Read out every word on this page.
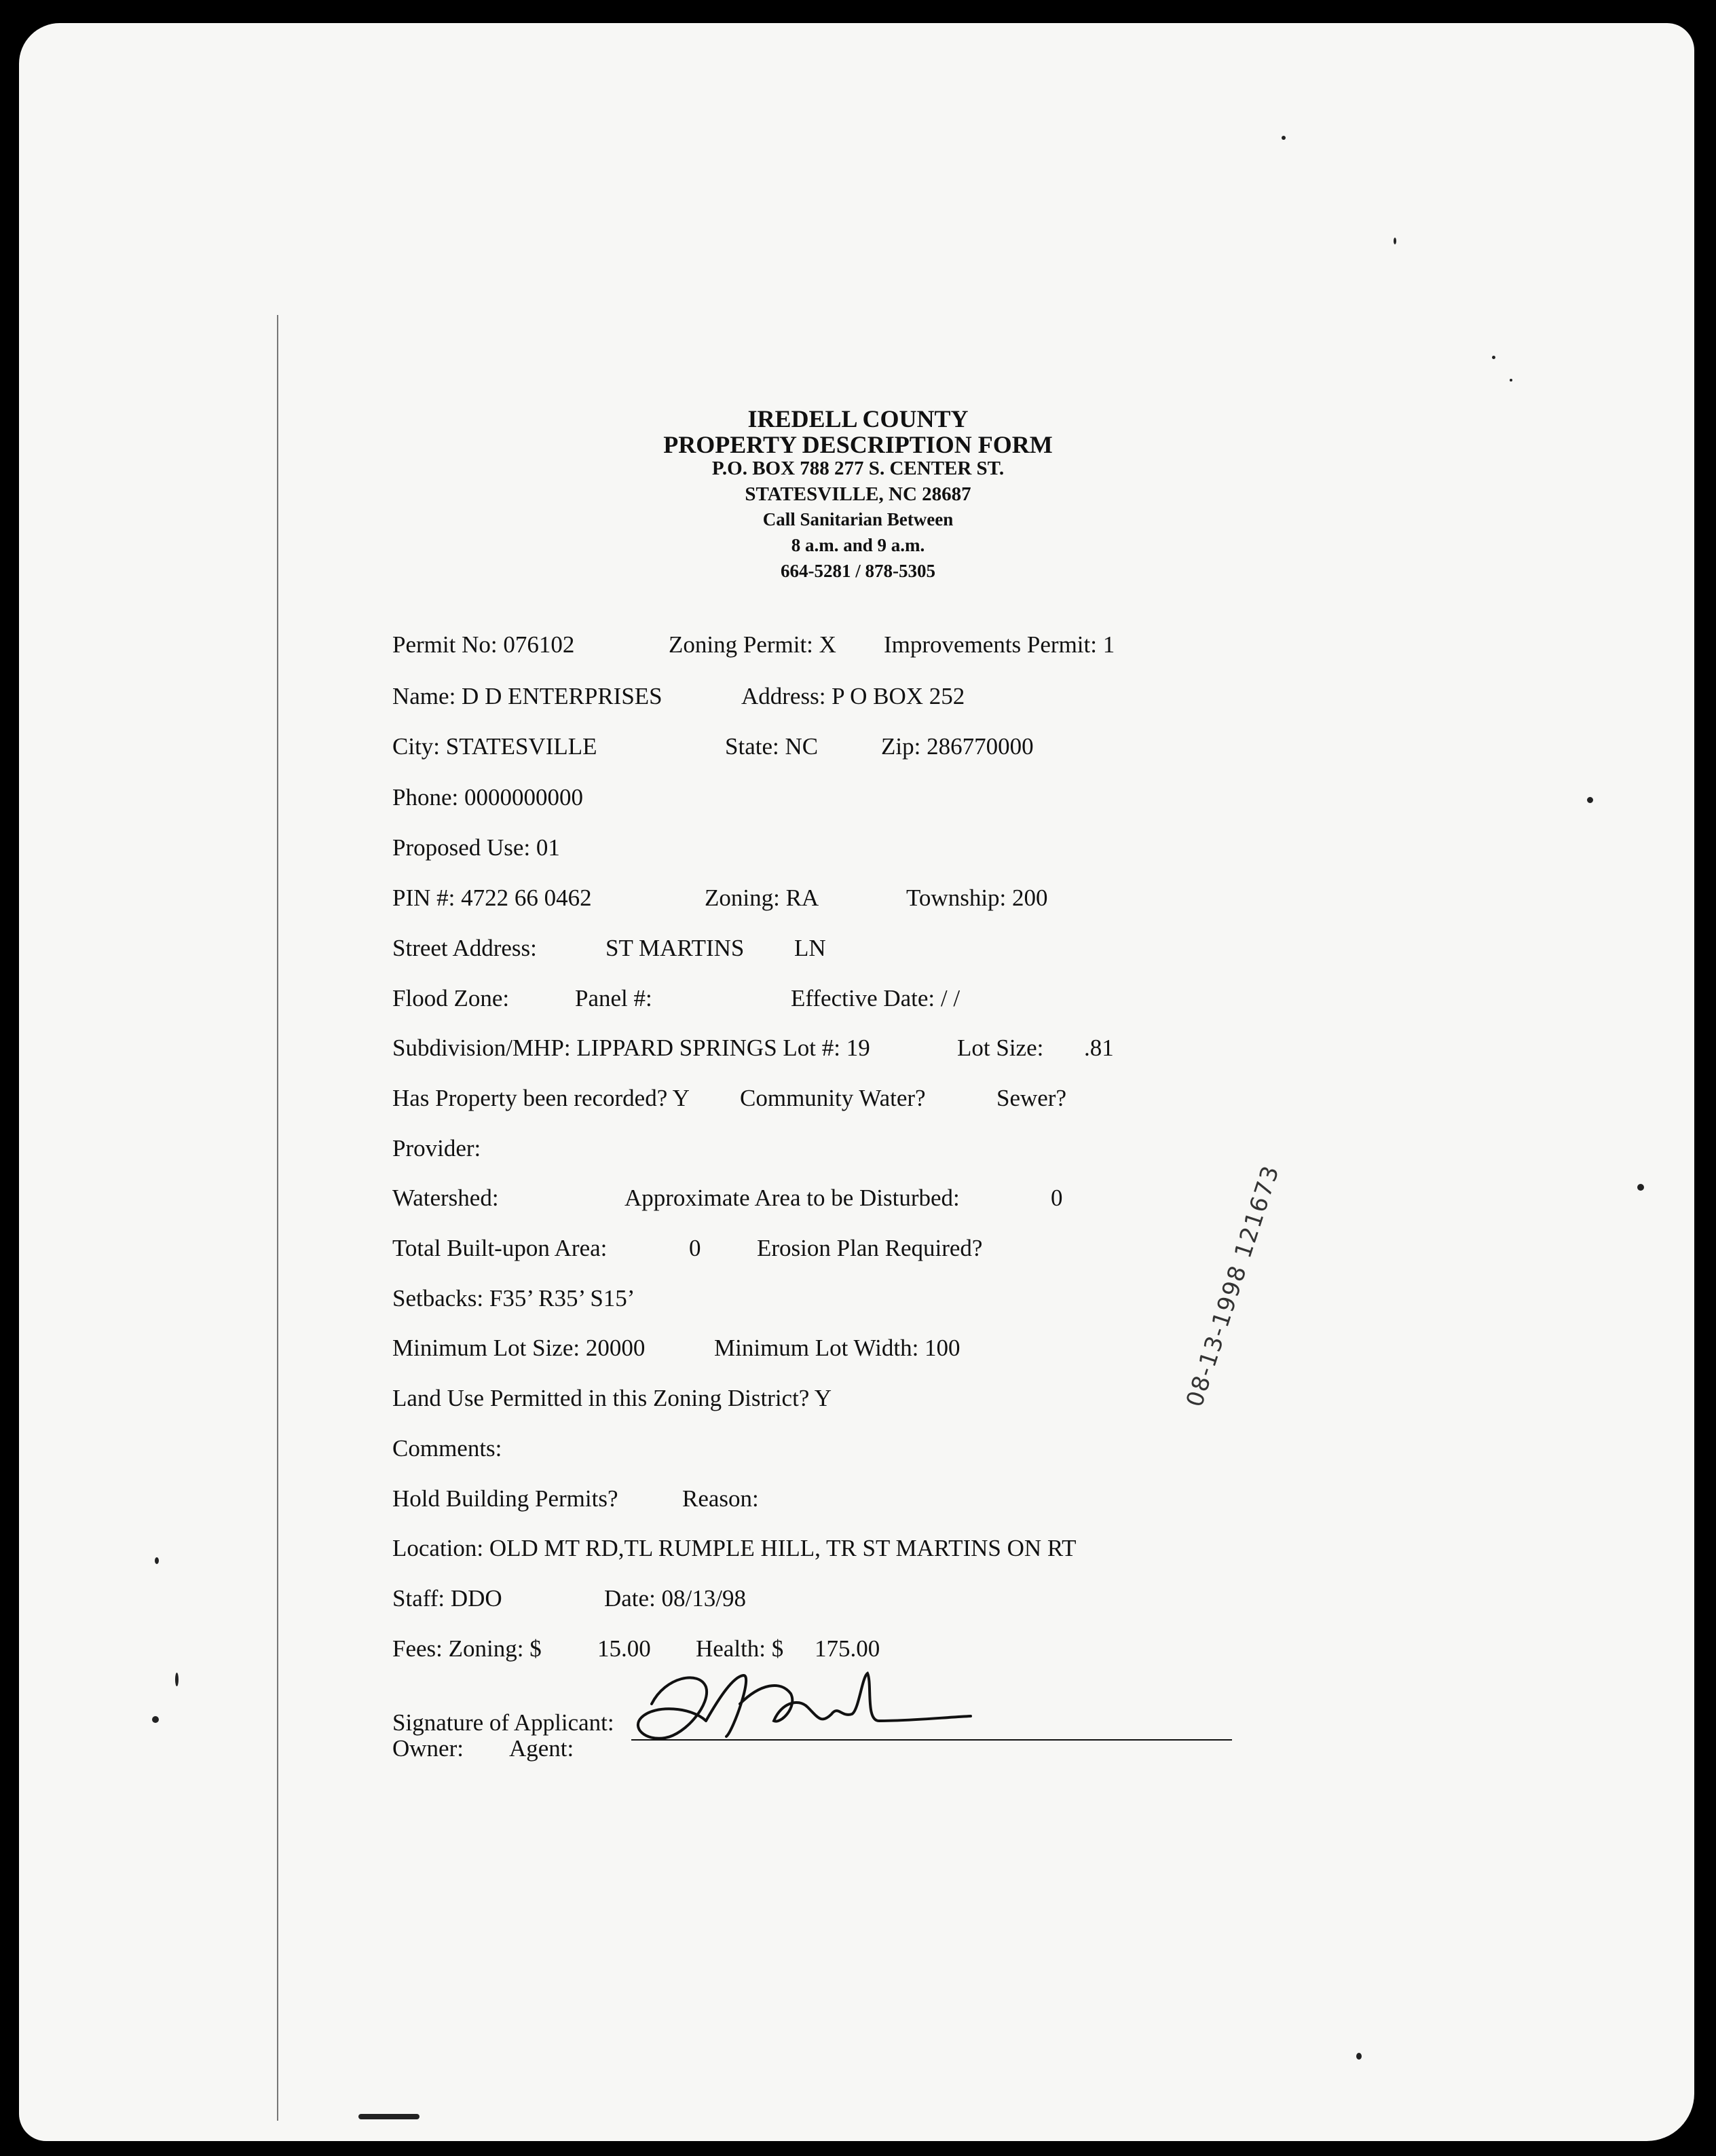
IREDELL COUNTY
PROPERTY DESCRIPTION FORM
P.O. BOX 788 277 S. CENTER ST.
STATESVILLE, NC 28687
Call Sanitarian Between
8 a.m. and 9 a.m.
664-5281 / 878-5305
Permit No: 076102	Zoning Permit: X Improvements Permit: 1
Name: D D ENTERPRISES	Address: P O BOX 252
City: STATESVILLE	State: NC	Zip: 286770000
Phone: 0000000000
Proposed Use: 01
PIN #: 4722 66 0462	Zoning: RA	Township: 200
Street Address:	ST MARTINS LN
Flood Zone:	Panel #:	Effective Date: / /
Subdivision/MHP: LIPPARD SPRINGS Lot #: 19	Lot Size: .81
Has Property been recorded? Y Community Water?	Sewer?
Provider:
Watershed:	Approximate Area to be Disturbed:	0
Total Built-upon Area:	0 Erosion Plan Required?
Setbacks: F35’ R35’ S15’
Minimum Lot Size: 20000	Minimum Lot Width: 100
Land Use Permitted in this Zoning District? Y
Comments:
Hold Building Permits?	Reason:
Location: OLD MT RD,TL RUMPLE HILL, TR ST MARTINS ON RT
Staff: DDO	Date: 08/13/98
Fees: Zoning: $ 15.00 Health: $ 175.00
Signature of Applicant:
Owner: Agent:
08-13-1998 121673
